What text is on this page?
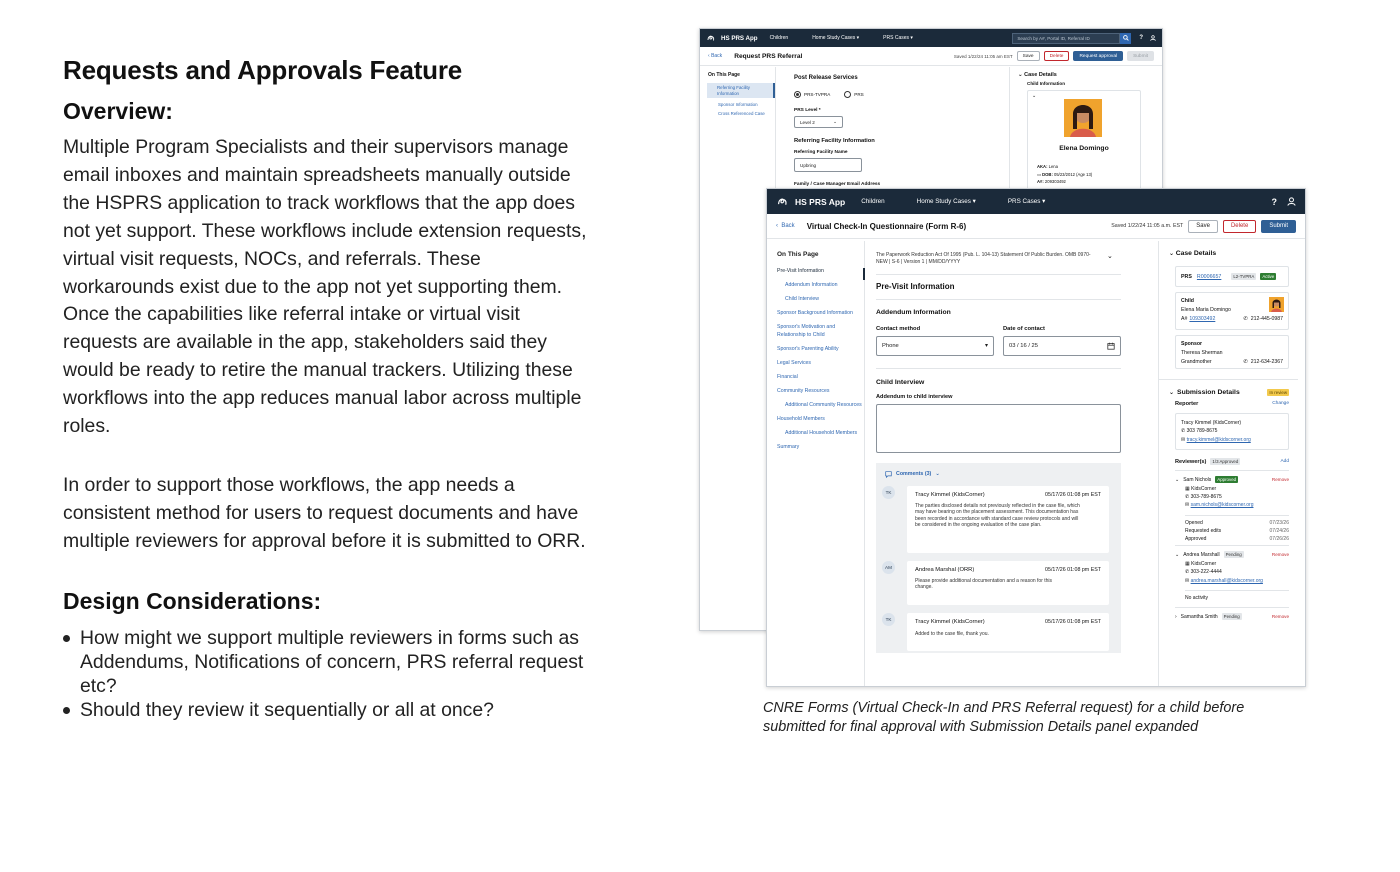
Requests and Approvals Feature
Overview:

Multiple Program Specialists and their supervisors manage email inboxes and maintain spreadsheets manually outside the HSPRS application to track workflows that the app does not yet support. These workflows include extension requests, virtual visit requests, NOCs, and referrals. These workarounds exist due to the app not yet supporting them. Once the capabilities like referral intake or virtual visit requests are available in the app, stakeholders said they would be ready to retire the manual trackers. Utilizing these workflows into the app reduces manual labor across multiple roles.

In order to support those workflows, the app needs a consistent method for users to request documents and have multiple reviewers for approval before it is submitted to ORR.

Design Considerations:
How might we support multiple reviewers in forms such as Addendums, Notifications of concern, PRS referral request etc?
Should they review it sequentially or all at once?
HS PRS App Children	Home Study Cases ▾	PRS Cases ▾	Search by A#, Portal ID, Referral ID	?
‹ Back Request PRS Referral	Saved 1/22/24 11:05 am EST	Save	Delete	Request approval	Submit
On This Page
Referring Facility Information
Sponsor Information
Cross Referenced Case
Post Release Services
PRS-TVPRA	PRS
PRS Level *
Level 2	⌄
Referring Facility Information
Referring Facility Name
Upbring
Family / Case Manager Email Address
⌄ Case Details
Child Information
⌄
Elena Domingo
AKA: Lena
▭ DOB: 05/23/2012 (Age 13)
A#: 209303492
HS PRS App	Children	Home Study Cases ▾	PRS Cases ▾	?
‹  Back Virtual Check-In Questionnaire (Form R-6)	Saved 1/22/24 11:05 a.m. EST	Save	Delete	Submit
On This Page
Pre-Visit Information
Addendum Information
Child Interview
Sponsor Background Information
Sponsor's Motivation and Relationship to Child
Sponsor's Parenting Ability
Legal Services
Financial
Community Resources
Additional Community Resources
Household Members
Additional Household Members
Summary
The Paperwork Reduction Act Of 1995 (Pub. L. 104-13) Statement Of Public Burden. OMB 0970-NEW | S-6 | Version 1 | MM/DD/YYYY
⌄
Pre-Visit Information
Addendum Information
Contact method
Phone	▾
Date of contact
03 / 16 / 25
Child Interview
Addendum to child interview
Comments (3) ⌄
TK	Tracy Kimmel (KidsCorner)	05/17/26 01:08 pm EST
The parties disclosed details not previously reflected in the case file, which may have bearing on the placement assessment. This documentation has been recorded in accordance with standard case review protocols and will be considered in the ongoing evaluation of the case plan.
AM	Andrea Marshal (ORR)	05/17/26 01:08 pm EST
Please provide additional documentation and a reason for this change.
TK	Tracy Kimmel (KidsCorner)	05/17/26 01:08 pm EST
Added to the case file, thank you.
⌄ Case Details
PRS R0006657	L2-TVPRA	Active
Child
Elena Maria Domingo
A# 109303492	✆ 212-445-0987
Sponsor
Theresa Sherman
Grandmother	✆ 212-634-2367
⌄ Submission Details	In review
Reporter	Change
Tracy Kimmel (KidsCorner)
✆ 303 789-8675
✉ tracy.kimmel@kidscorner.org
Reviewer(s)	1/3 Approved	Add
⌄ Sam Nichols	Approved	Remove
▦ KidsCorner
✆ 303-789-8675
✉ sam.nichols@kidscorner.org
Opened	07/23/26
Requested edits	07/24/26
Approved	07/26/26
⌄ Andrea Marshall	Pending	Remove
▦ KidsCorner
✆ 303-222-4444
✉ andrea.marshall@kidscorner.org
No activity
› Samantha Smith	Pending	Remove
CNRE Forms (Virtual Check-In and PRS Referral request) for a child before submitted for final approval with Submission Details panel expanded
